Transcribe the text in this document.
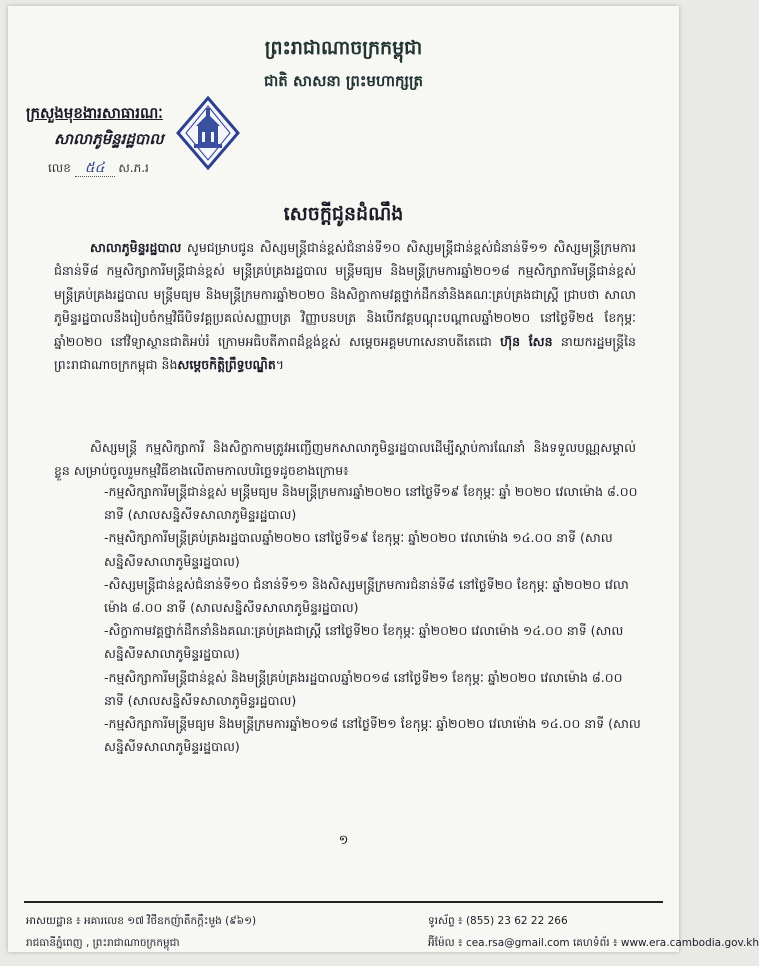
ព្រះរាជាណាចក្រកម្ពុជា
ជាតិ សាសនា ព្រះមហាក្សត្រ
ក្រសួងមុខងារសាធារណៈ
សាលាភូមិន្ទរដ្ឋបាល
លេខ ៥៤ ស.ភ.រ
សេចក្តីជូនដំណឹង
សាលាភូមិន្ទរដ្ឋបាល សូមជម្រាបជូន សិស្សមន្ត្រីជាន់ខ្ពស់ជំនាន់ទី១០ សិស្សមន្ត្រីជាន់ខ្ពស់ជំនាន់ទី១១ សិស្សមន្ត្រីក្រមការជំនាន់ទី៨ កម្មសិក្សាការីមន្ត្រីជាន់ខ្ពស់ មន្ត្រីគ្រប់គ្រងរដ្ឋបាល មន្ត្រីមធ្យម និងមន្ត្រីក្រមការឆ្នាំ២០១៨ កម្មសិក្សាការីមន្ត្រីជាន់ខ្ពស់ មន្ត្រីគ្រប់គ្រងរដ្ឋបាល មន្ត្រីមធ្យម និងមន្ត្រីក្រមការឆ្នាំ២០២០ និងសិក្ខាកាមវគ្គថ្នាក់ដឹកនាំនិងគណៈគ្រប់គ្រងជាស្ត្រី ជ្រាបថា សាលាភូមិន្ទរដ្ឋបាលនឹងរៀបចំកម្មវិធីបិទវគ្គប្រគល់សញ្ញាបត្រ វិញ្ញាបនបត្រ និងបើកវគ្គបណ្តុះបណ្តាលឆ្នាំ២០២០ នៅថ្ងៃទី២៥ ខែកុម្ភៈ ឆ្នាំ២០២០ នៅវិទ្យាស្ថានជាតិអប់រំ ក្រោមអធិបតីភាពដ៏ខ្ពង់ខ្ពស់ សម្តេចអគ្គមហាសេនាបតីតេជោ ហ៊ុន សែន នាយករដ្ឋមន្ត្រីនៃព្រះរាជាណាចក្រកម្ពុជា និងសម្តេចកិត្តិព្រឹទ្ធបណ្ឌិត។
សិស្សមន្ត្រី កម្មសិក្សាការី និងសិក្ខាកាមត្រូវអញ្ជើញមកសាលាភូមិន្ទរដ្ឋបាលដើម្បីស្តាប់ការណែនាំ និងទទួលបណ្ណសម្គាល់ខ្លួន សម្រាប់ចូលរួមកម្មវិធីខាងលើតាមកាលបរិច្ឆេទដូចខាងក្រោម៖
-កម្មសិក្សាការីមន្ត្រីជាន់ខ្ពស់ មន្ត្រីមធ្យម និងមន្ត្រីក្រមការឆ្នាំ២០២០ នៅថ្ងៃទី១៩ ខែកុម្ភៈ ឆ្នាំ ២០២០ វេលាម៉ោង ៨.០០ នាទី (សាលសន្និសីទសាលាភូមិន្ទរដ្ឋបាល)
-កម្មសិក្សាការីមន្ត្រីគ្រប់គ្រងរដ្ឋបាលឆ្នាំ២០២០ នៅថ្ងៃទី១៩ ខែកុម្ភៈ ឆ្នាំ២០២០ វេលាម៉ោង ១៤.០០ នាទី (សាលសន្និសីទសាលាភូមិន្ទរដ្ឋបាល)
-សិស្សមន្ត្រីជាន់ខ្ពស់ជំនាន់ទី១០ ជំនាន់ទី១១ និងសិស្សមន្ត្រីក្រមការជំនាន់ទី៨ នៅថ្ងៃទី២០ ខែកុម្ភៈ ឆ្នាំ២០២០ វេលាម៉ោង ៨.០០ នាទី (សាលសន្និសីទសាលាភូមិន្ទរដ្ឋបាល)
-សិក្ខាកាមវគ្គថ្នាក់ដឹកនាំនិងគណៈគ្រប់គ្រងជាស្ត្រី នៅថ្ងៃទី២០ ខែកុម្ភៈ ឆ្នាំ២០២០ វេលាម៉ោង ១៤.០០ នាទី (សាលសន្និសីទសាលាភូមិន្ទរដ្ឋបាល)
-កម្មសិក្សាការីមន្ត្រីជាន់ខ្ពស់ និងមន្ត្រីគ្រប់គ្រងរដ្ឋបាលឆ្នាំ២០១៨ នៅថ្ងៃទី២១ ខែកុម្ភៈ ឆ្នាំ២០២០ វេលាម៉ោង ៨.០០ នាទី (សាលសន្និសីទសាលាភូមិន្ទរដ្ឋបាល)
-កម្មសិក្សាការីមន្ត្រីមធ្យម និងមន្ត្រីក្រមការឆ្នាំ២០១៨ នៅថ្ងៃទី២១ ខែកុម្ភៈ ឆ្នាំ២០២០ វេលាម៉ោង ១៤.០០ នាទី (សាលសន្និសីទសាលាភូមិន្ទរដ្ឋបាល)
១
អាសយដ្ឋាន ៖ អគារលេខ ១៧ វិថីឧកញ៉ាតឹកក្តឹះមួង (៩៦១)
រាជធានីភ្នំពេញ , ព្រះរាជាណាចក្រកម្ពុជា
ទូរស័ព្ទ ៖ (855) 23 62 22 266
អ៊ីម៉ែល ៖ cea.rsa@gmail.com គេហទំព័រ ៖ www.era.cambodia.gov.kh
